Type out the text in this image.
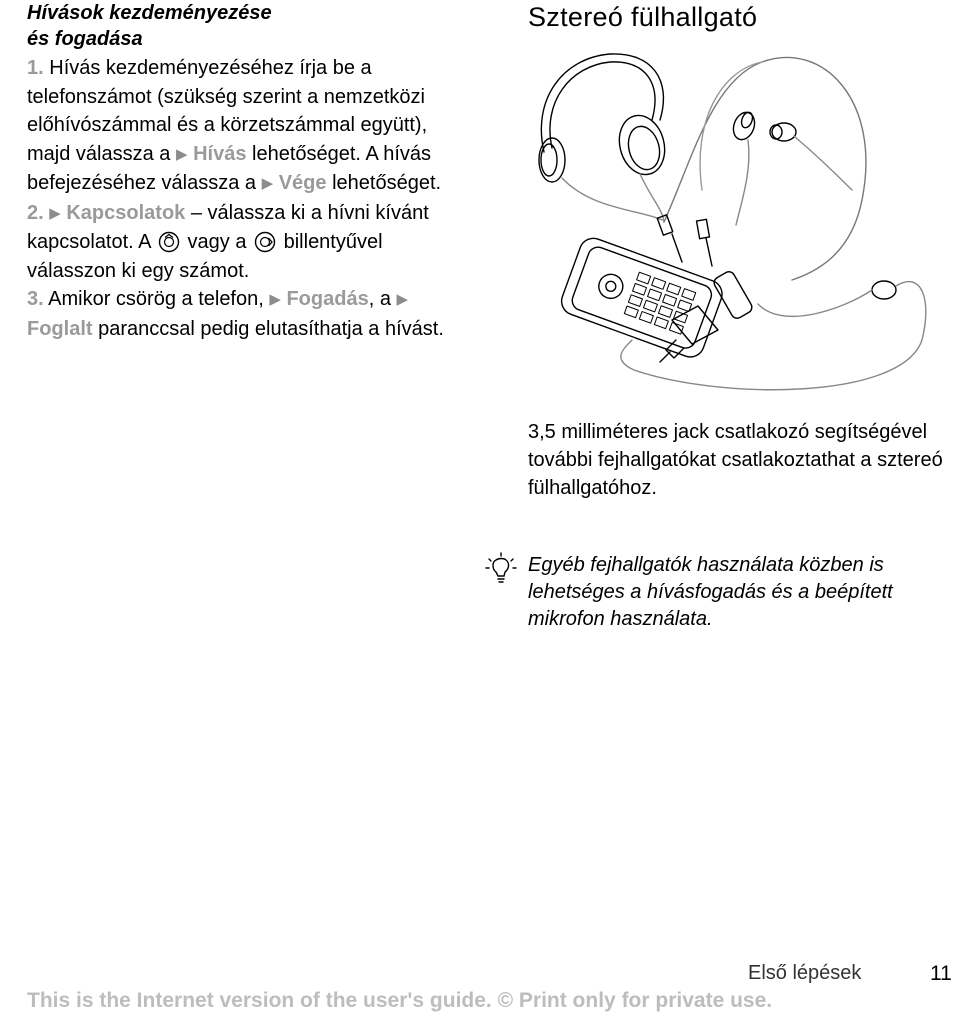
Hívások kezdeményezése
és fogadása

1. Hívás kezdeményezéséhez írja be a telefonszámot (szükség szerint a nemzetközi előhívószámmal és a körzetszámmal együtt), majd válassza a ▶ Hívás lehetőséget. A hívás befejezéséhez válassza a ▶ Vége lehetőséget.

2. ▶ Kapcsolatok – válassza ki a hívni kívánt kapcsolatot. A vagy a billentyűvel válasszon ki egy számot.

3. Amikor csörög a telefon, ▶ Fogadás, a ▶ Foglalt paranccsal pedig elutasíthatja a hívást.

Sztereó fülhallgató

3,5 milliméteres jack csatlakozó segítségével további fejhallgatókat csatlakoztathat a sztereó fülhallgatóhoz.

Egyéb fejhallgatók használata közben is lehetséges a hívásfogadás és a beépített mikrofon használata.

Első lépések	11
This is the Internet version of the user's guide. © Print only for private use.
